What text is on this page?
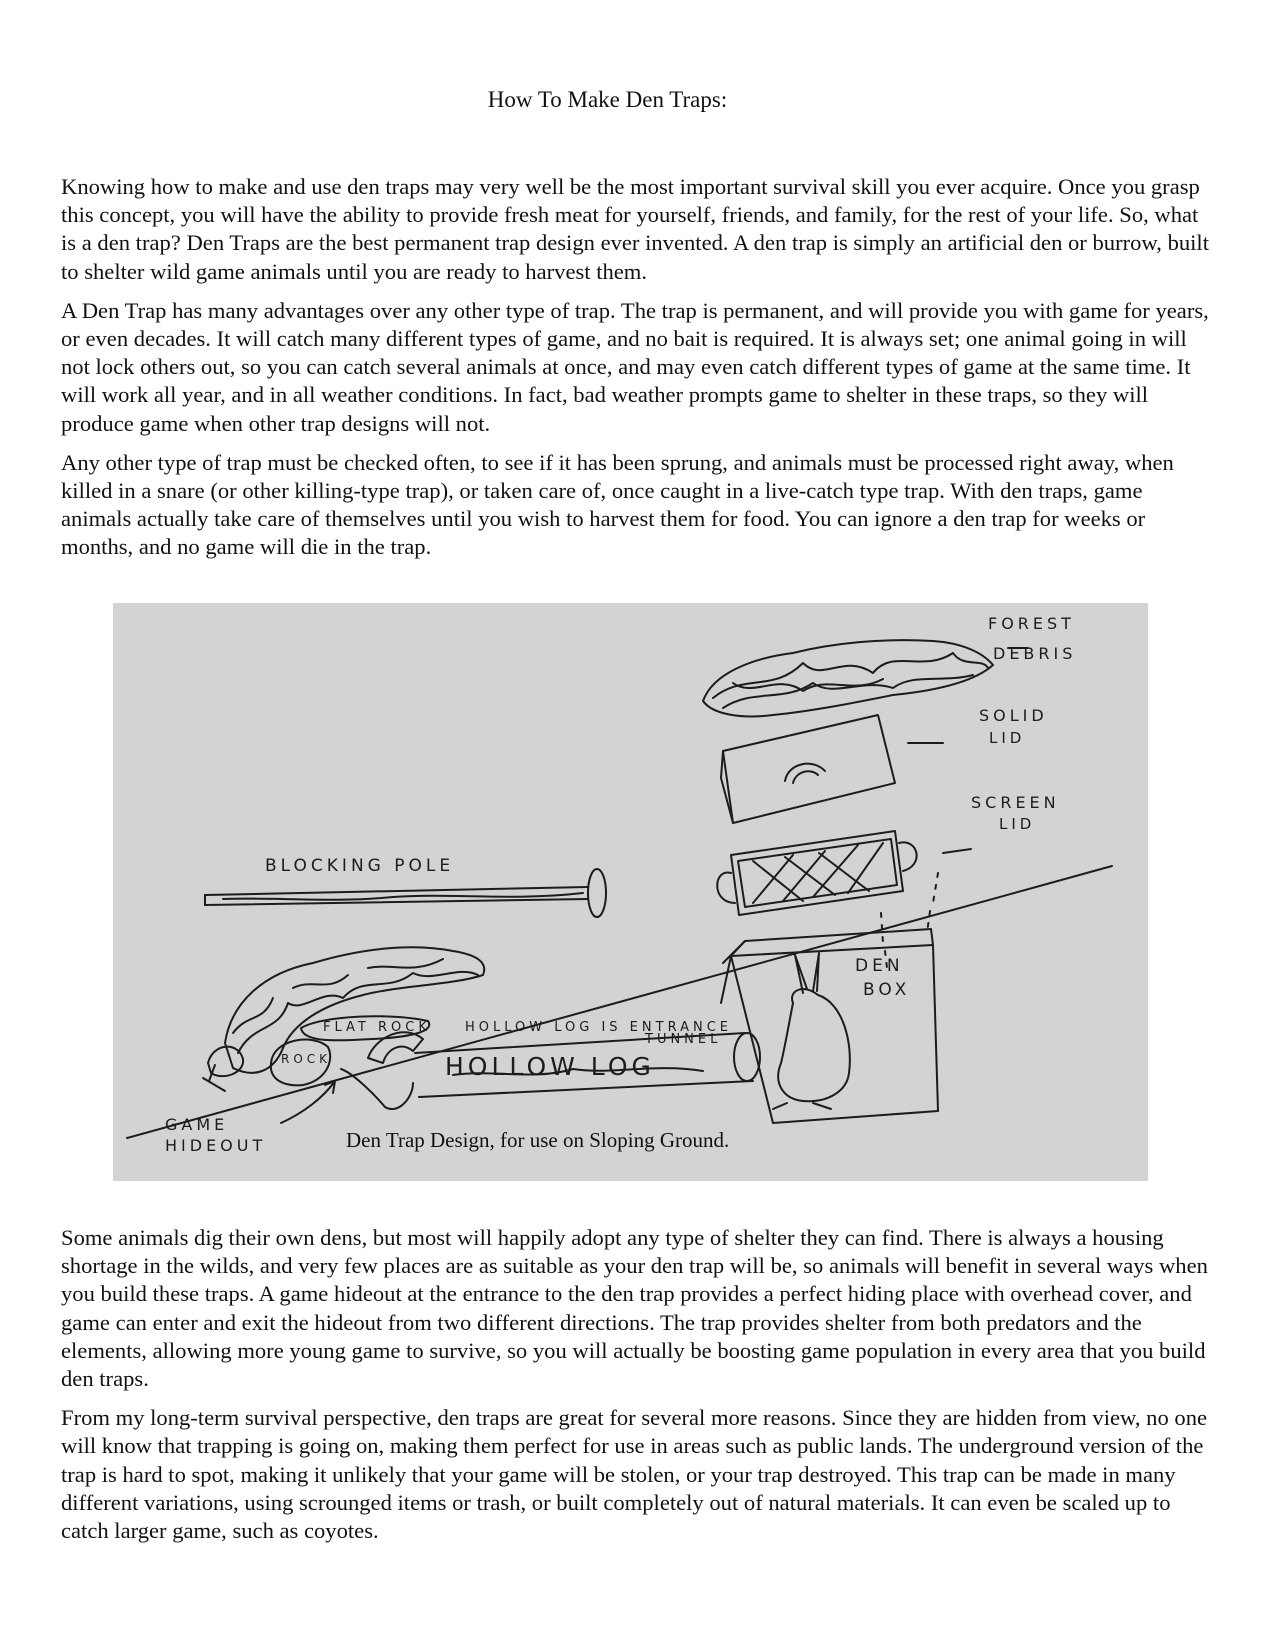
How To Make Den Traps:

Knowing how to make and use den traps may very well be the most important survival skill you ever acquire. Once you grasp this concept, you will have the ability to provide fresh meat for yourself, friends, and family, for the rest of your life. So, what is a den trap? Den Traps are the best permanent trap design ever invented. A den trap is simply an artificial den or burrow, built to shelter wild game animals until you are ready to harvest them.

A Den Trap has many advantages over any other type of trap. The trap is permanent, and will provide you with game for years, or even decades. It will catch many different types of game, and no bait is required. It is always set; one animal going in will not lock others out, so you can catch several animals at once, and may even catch different types of game at the same time. It will work all year, and in all weather conditions. In fact, bad weather prompts game to shelter in these traps, so they will produce game when other trap designs will not.

Any other type of trap must be checked often, to see if it has been sprung, and animals must be processed right away, when killed in a snare (or other killing-type trap), or taken care of, once caught in a live-catch type trap. With den traps, game animals actually take care of themselves until you wish to harvest them for food. You can ignore a den trap for weeks or months, and no game will die in the trap.

FOREST
DEBRIS
SOLID
LID
SCREEN
LID
BLOCKING POLE
DEN
BOX
FLAT ROCK
ROCK	HOLLOW LOG
HOLLOW LOG IS ENTRANCE
TUNNEL
GAME
HIDEOUT	Den Trap Design, for use on Sloping Ground.

Some animals dig their own dens, but most will happily adopt any type of shelter they can find. There is always a housing shortage in the wilds, and very few places are as suitable as your den trap will be, so animals will benefit in several ways when you build these traps. A game hideout at the entrance to the den trap provides a perfect hiding place with overhead cover, and game can enter and exit the hideout from two different directions. The trap provides shelter from both predators and the elements, allowing more young game to survive, so you will actually be boosting game population in every area that you build den traps.

From my long-term survival perspective, den traps are great for several more reasons. Since they are hidden from view, no one will know that trapping is going on, making them perfect for use in areas such as public lands. The underground version of the trap is hard to spot, making it unlikely that your game will be stolen, or your trap destroyed. This trap can be made in many different variations, using scrounged items or trash, or built completely out of natural materials. It can even be scaled up to catch larger game, such as coyotes.
